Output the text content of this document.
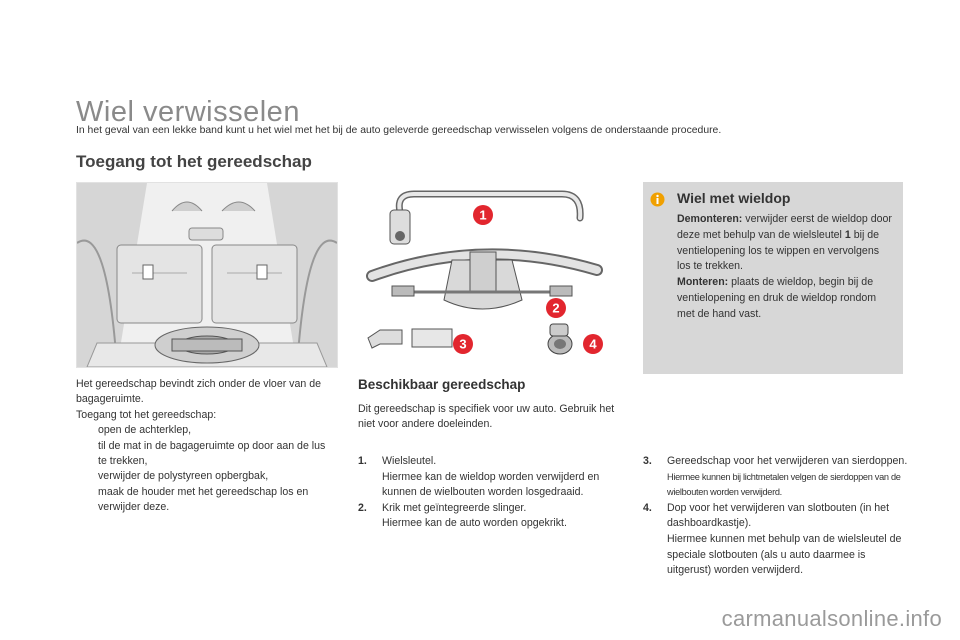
Wiel verwisselen
In het geval van een lekke band kunt u het wiel met het bij de auto geleverde gereedschap verwisselen volgens de onderstaande procedure.
Toegang tot het gereedschap
Het gereedschap bevindt zich onder de vloer van de bagageruimte.
Toegang tot het gereedschap:
open de achterklep,
til de mat in de bagageruimte op door aan de lus te trekken,
verwijder de polystyreen opbergbak,
maak de houder met het gereedschap los en verwijder deze.
1
2
3	4
Wiel met wieldop
Demonteren: verwijder eerst de wieldop door deze met behulp van de wielsleutel 1 bij de ventielopening los te wippen en vervolgens los te trekken.
Monteren: plaats de wieldop, begin bij de ventielopening en druk de wieldop rondom met de hand vast.
Beschikbaar gereedschap
Dit gereedschap is specifiek voor uw auto. Gebruik het niet voor andere doeleinden.
1. Wielsleutel.
Hiermee kan de wieldop worden verwijderd en kunnen de wielbouten worden losgedraaid.
2. Krik met geïntegreerde slinger.
Hiermee kan de auto worden opgekrikt.
3. Gereedschap voor het verwijderen van sierdoppen.
Hiermee kunnen bij lichtmetalen velgen de sierdoppen van de wielbouten worden verwijderd.
4. Dop voor het verwijderen van slotbouten (in het dashboardkastje).
Hiermee kunnen met behulp van de wielsleutel de speciale slotbouten (als u auto daarmee is uitgerust) worden verwijderd.
carmanualsonline.info
